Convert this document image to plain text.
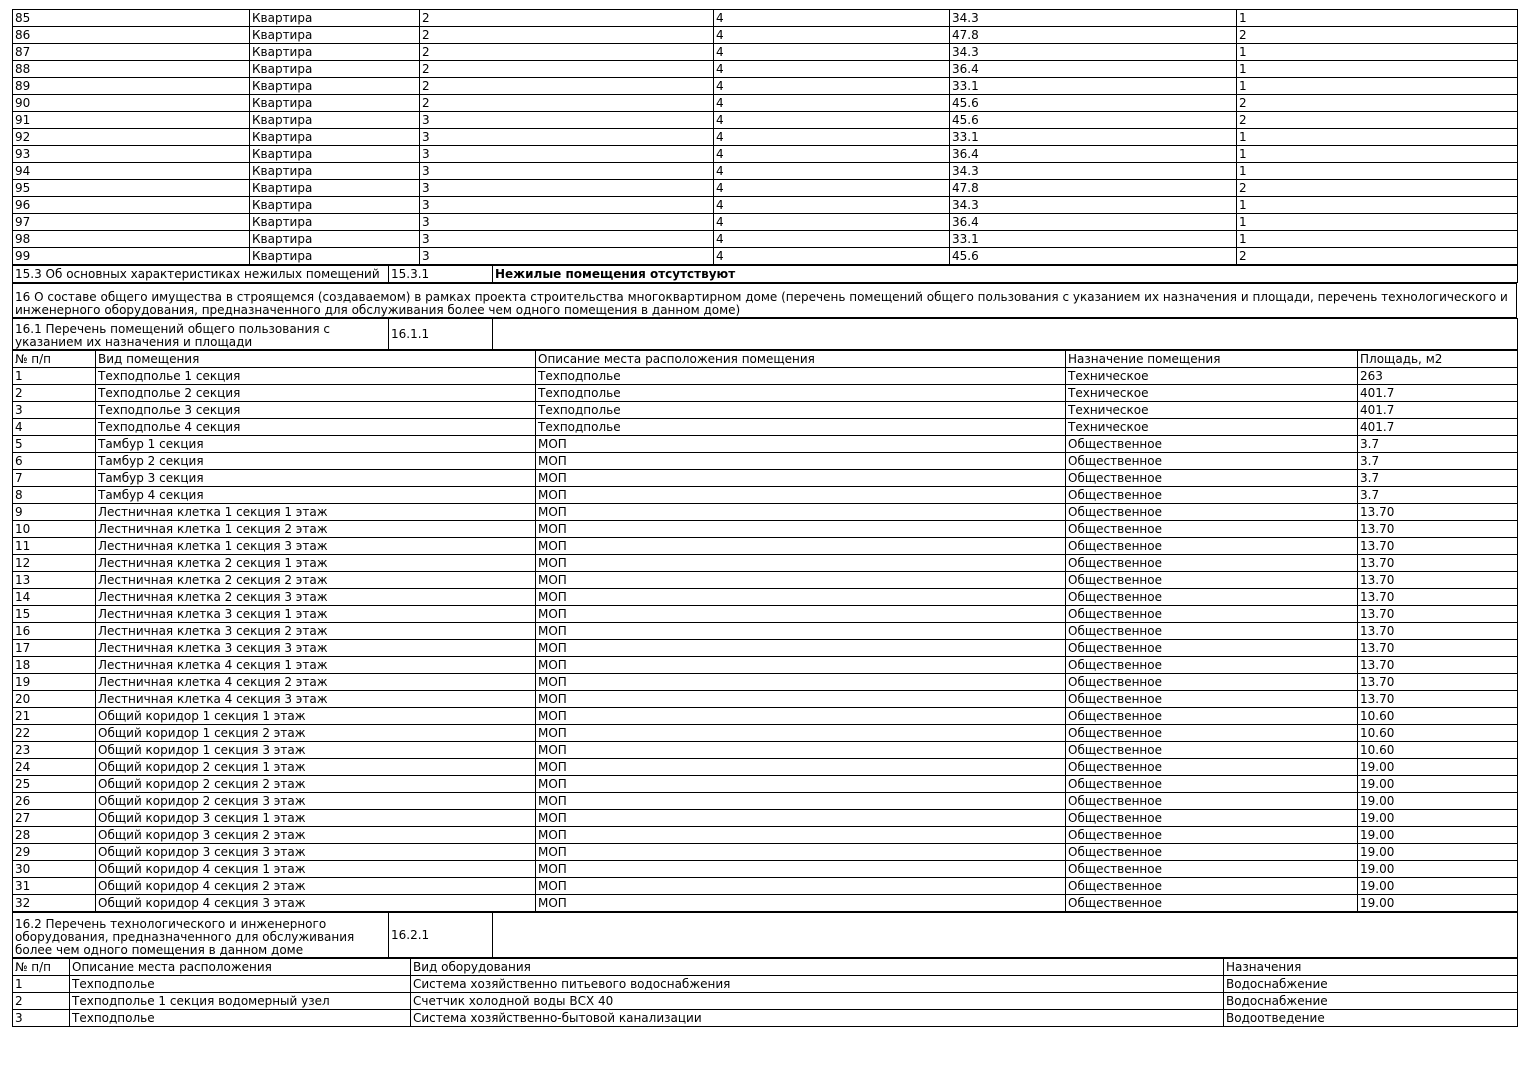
85	Квартира	2	4	34.3	1
86	Квартира	2	4	47.8	2
87	Квартира	2	4	34.3	1
88	Квартира	2	4	36.4	1
89	Квартира	2	4	33.1	1
90	Квартира	2	4	45.6	2
91	Квартира	3	4	45.6	2
92	Квартира	3	4	33.1	1
93	Квартира	3	4	36.4	1
94	Квартира	3	4	34.3	1
95	Квартира	3	4	47.8	2
96	Квартира	3	4	34.3	1
97	Квартира	3	4	36.4	1
98	Квартира	3	4	33.1	1
99	Квартира	3	4	45.6	2
15.3 Об основных характеристиках нежилых помещений	15.3.1	Нежилые помещения отсутствуют
16 О составе общего имущества в строящемся (создаваемом) в рамках проекта строительства многоквартирном доме (перечень помещений общего пользования с указанием их назначения и площади, перечень технологического и инженерного оборудования, предназначенного для обслуживания более чем одного помещения в данном доме)
16.1 Перечень помещений общего пользования с указанием их назначения и площади	16.1.1	
№ п/п	Вид помещения	Описание места расположения помещения	Назначение помещения	Площадь, м2
1	Техподполье 1 секция	Техподполье	Техническое	263
2	Техподполье 2 секция	Техподполье	Техническое	401.7
3	Техподполье 3 секция	Техподполье	Техническое	401.7
4	Техподполье 4 секция	Техподполье	Техническое	401.7
5	Тамбур 1 секция	МОП	Общественное	3.7
6	Тамбур 2 секция	МОП	Общественное	3.7
7	Тамбур 3 секция	МОП	Общественное	3.7
8	Тамбур 4 секция	МОП	Общественное	3.7
9	Лестничная клетка 1 секция 1 этаж	МОП	Общественное	13.70
10	Лестничная клетка 1 секция 2 этаж	МОП	Общественное	13.70
11	Лестничная клетка 1 секция 3 этаж	МОП	Общественное	13.70
12	Лестничная клетка 2 секция 1 этаж	МОП	Общественное	13.70
13	Лестничная клетка 2 секция 2 этаж	МОП	Общественное	13.70
14	Лестничная клетка 2 секция 3 этаж	МОП	Общественное	13.70
15	Лестничная клетка 3 секция 1 этаж	МОП	Общественное	13.70
16	Лестничная клетка 3 секция 2 этаж	МОП	Общественное	13.70
17	Лестничная клетка 3 секция 3 этаж	МОП	Общественное	13.70
18	Лестничная клетка 4 секция 1 этаж	МОП	Общественное	13.70
19	Лестничная клетка 4 секция 2 этаж	МОП	Общественное	13.70
20	Лестничная клетка 4 секция 3 этаж	МОП	Общественное	13.70
21	Общий коридор 1 секция 1 этаж	МОП	Общественное	10.60
22	Общий коридор 1 секция 2 этаж	МОП	Общественное	10.60
23	Общий коридор 1 секция 3 этаж	МОП	Общественное	10.60
24	Общий коридор 2 секция 1 этаж	МОП	Общественное	19.00
25	Общий коридор 2 секция 2 этаж	МОП	Общественное	19.00
26	Общий коридор 2 секция 3 этаж	МОП	Общественное	19.00
27	Общий коридор 3 секция 1 этаж	МОП	Общественное	19.00
28	Общий коридор 3 секция 2 этаж	МОП	Общественное	19.00
29	Общий коридор 3 секция 3 этаж	МОП	Общественное	19.00
30	Общий коридор 4 секция 1 этаж	МОП	Общественное	19.00
31	Общий коридор 4 секция 2 этаж	МОП	Общественное	19.00
32	Общий коридор 4 секция 3 этаж	МОП	Общественное	19.00
16.2 Перечень технологического и инженерного оборудования, предназначенного для обслуживания более чем одного помещения в данном доме	16.2.1	
№ п/п	Описание места расположения	Вид оборудования	Назначения
1	Техподполье	Система хозяйственно питьевого водоснабжения	Водоснабжение
2	Техподполье 1 секция водомерный узел	Счетчик холодной воды ВСХ 40	Водоснабжение
3	Техподполье	Система хозяйственно-бытовой канализации	Водоотведение
